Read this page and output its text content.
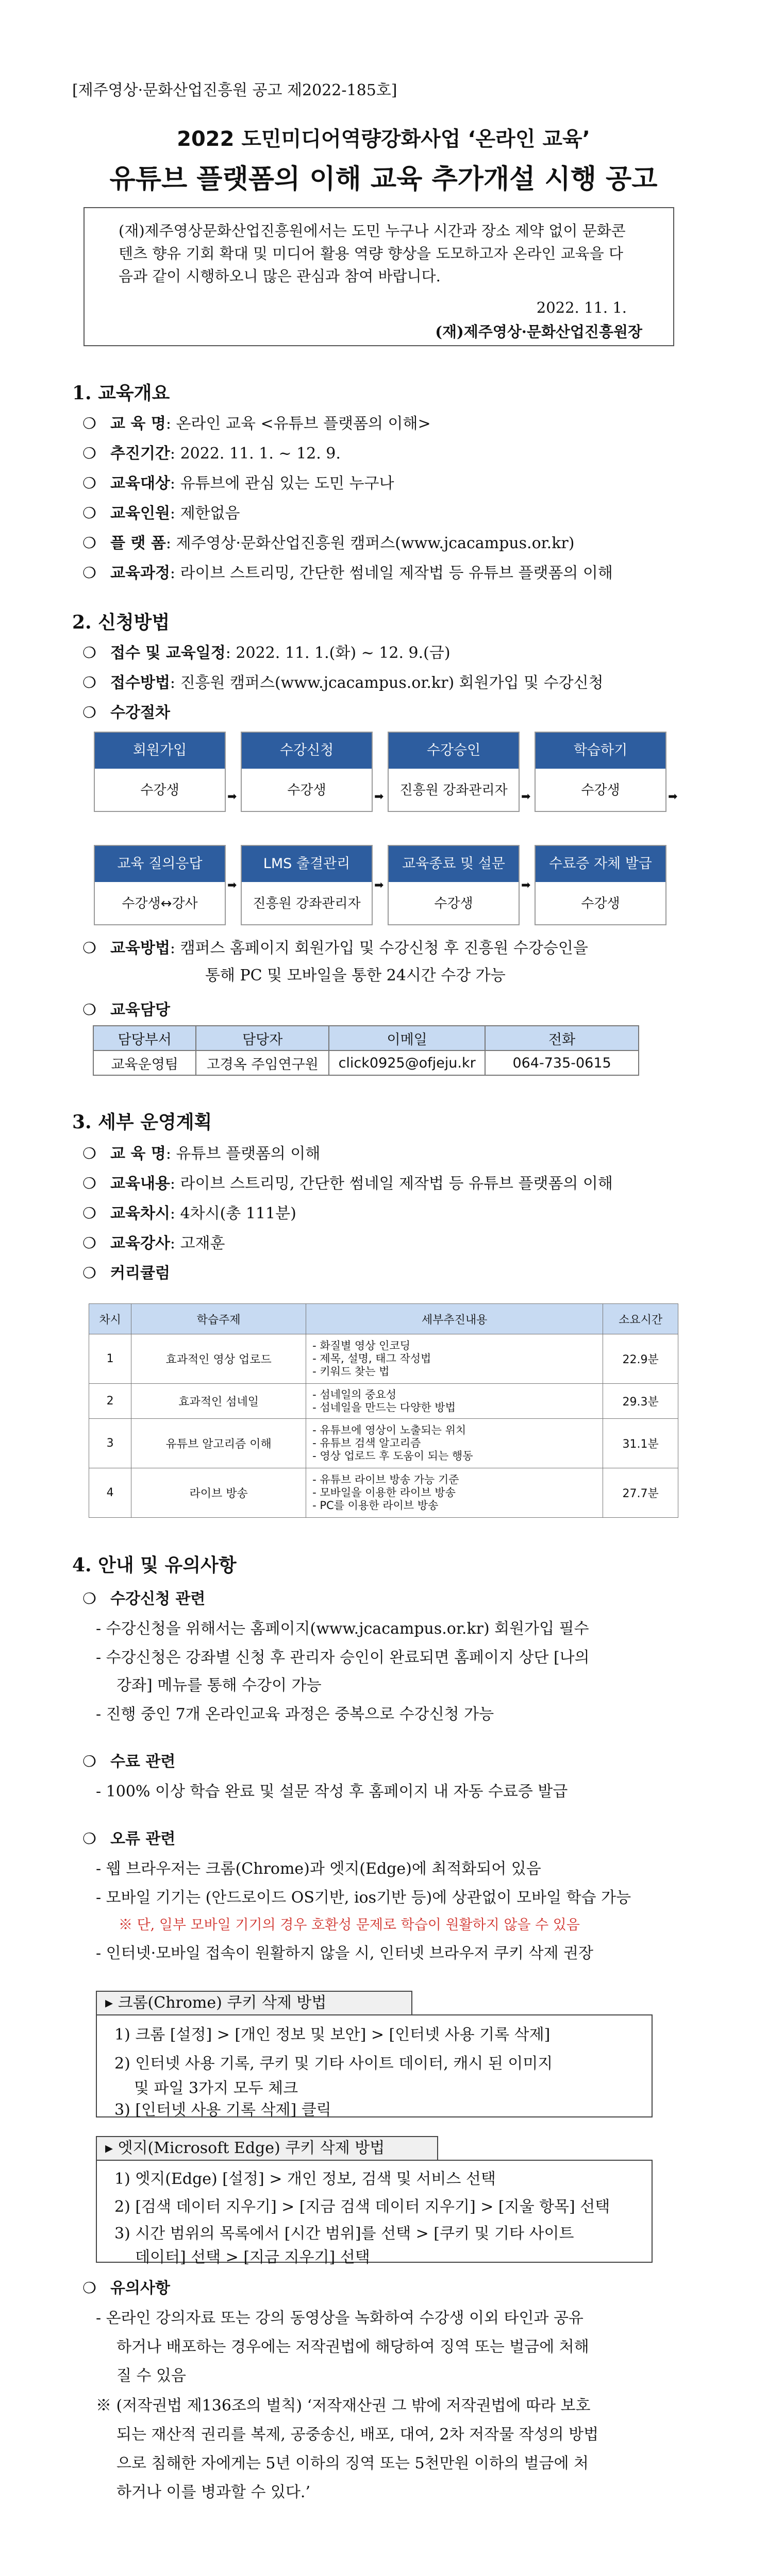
[제주영상·문화산업진흥원 공고 제2022-185호]
2022 도민미디어역량강화사업 ‘온라인 교육’
유튜브 플랫폼의 이해 교육 추가개설 시행 공고

(재)제주영상문화산업진흥원에서는 도민 누구나 시간과 장소 제약 없이 문화콘텐츠 향유 기회 확대 및 미디어 활용 역량 향상을 도모하고자 온라인 교육을 다음과 같이 시행하오니 많은 관심과 참여 바랍니다.

2022. 11. 1.
(재)제주영상·문화산업진흥원장
1. 교육개요
❍ 교 육 명: 온라인 교육 <유튜브 플랫폼의 이해>
❍ 추진기간: 2022. 11. 1. ~ 12. 9.
❍ 교육대상: 유튜브에 관심 있는 도민 누구나
❍ 교육인원: 제한없음
❍ 플 랫 폼: 제주영상·문화산업진흥원 캠퍼스(www.jcacampus.or.kr)
❍ 교육과정: 라이브 스트리밍, 간단한 썸네일 제작법 등 유튜브 플랫폼의 이해
2. 신청방법
❍ 접수 및 교육일정: 2022. 11. 1.(화) ~ 12. 9.(금)
❍ 접수방법: 진흥원 캠퍼스(www.jcacampus.or.kr) 회원가입 및 수강신청
❍ 수강절차
회원가입
수강생
수강신청
수강생
수강승인
진흥원 강좌관리자
학습하기
수강생
➡	➡	➡	➡
교육 질의응답
수강생↔강사
LMS 출결관리
진흥원 강좌관리자
교육종료 및 설문
수강생
수료증 자체 발급
수강생
➡	➡	➡
❍ 교육방법: 캠퍼스 홈페이지 회원가입 및 수강신청 후 진흥원 수강승인을
통해 PC 및 모바일을 통한 24시간 수강 가능
❍ 교육담당
담당부서	담당자	이메일	전화
교육운영팀	고경옥 주임연구원	click0925@ofjeju.kr	064-735-0615
3. 세부 운영계획
❍ 교 육 명: 유튜브 플랫폼의 이해
❍ 교육내용: 라이브 스트리밍, 간단한 썸네일 제작법 등 유튜브 플랫폼의 이해
❍ 교육차시: 4차시(총 111분)
❍ 교육강사: 고재훈
❍ 커리큘럼
차시	학습주제	세부추진내용	소요시간
1	효과적인 영상 업로드	- 화질별 영상 인코딩
- 제목, 설명, 태그 작성법
- 키워드 찾는 법	22.9분
2	효과적인 섬네일	- 섬네일의 중요성
- 섬네일을 만드는 다양한 방법	29.3분
3	유튜브 알고리즘 이해	- 유튜브에 영상이 노출되는 위치
- 유튜브 검색 알고리즘
- 영상 업로드 후 도움이 되는 행동	31.1분
4	라이브 방송	- 유튜브 라이브 방송 가능 기준
- 모바일을 이용한 라이브 방송
- PC를 이용한 라이브 방송	27.7분
4. 안내 및 유의사항
❍ 수강신청 관련
- 수강신청을 위해서는 홈페이지(www.jcacampus.or.kr) 회원가입 필수
- 수강신청은 강좌별 신청 후 관리자 승인이 완료되면 홈페이지 상단 [나의
강좌] 메뉴를 통해 수강이 가능
- 진행 중인 7개 온라인교육 과정은 중복으로 수강신청 가능
❍ 수료 관련
- 100% 이상 학습 완료 및 설문 작성 후 홈페이지 내 자동 수료증 발급
❍ 오류 관련
- 웹 브라우저는 크롬(Chrome)과 엣지(Edge)에 최적화되어 있음
- 모바일 기기는 (안드로이드 OS기반, ios기반 등)에 상관없이 모바일 학습 가능
※ 단, 일부 모바일 기기의 경우 호환성 문제로 학습이 원활하지 않을 수 있음
- 인터넷·모바일 접속이 원활하지 않을 시, 인터넷 브라우저 쿠키 삭제 권장
▸ 크롬(Chrome) 쿠키 삭제 방법
1) 크롬 [설정] > [개인 정보 및 보안] > [인터넷 사용 기록 삭제]
2) 인터넷 사용 기록, 쿠키 및 기타 사이트 데이터, 캐시 된 이미지
및 파일 3가지 모두 체크
3) [인터넷 사용 기록 삭제] 클릭
▸ 엣지(Microsoft Edge) 쿠키 삭제 방법
1) 엣지(Edge) [설정] > 개인 정보, 검색 및 서비스 선택
2) [검색 데이터 지우기] > [지금 검색 데이터 지우기] > [지울 항목] 선택
3) 시간 범위의 목록에서 [시간 범위]를 선택 > [쿠키 및 기타 사이트
데이터] 선택 > [지금 지우기] 선택
❍ 유의사항
- 온라인 강의자료 또는 강의 동영상을 녹화하여 수강생 이외 타인과 공유
하거나 배포하는 경우에는 저작권법에 해당하여 징역 또는 벌금에 처해
질 수 있음
※ (저작권법 제136조의 벌칙) ‘저작재산권 그 밖에 저작권법에 따라 보호
되는 재산적 권리를 복제, 공중송신, 배포, 대여, 2차 저작물 작성의 방법
으로 침해한 자에게는 5년 이하의 징역 또는 5천만원 이하의 벌금에 처
하거나 이를 병과할 수 있다.’
